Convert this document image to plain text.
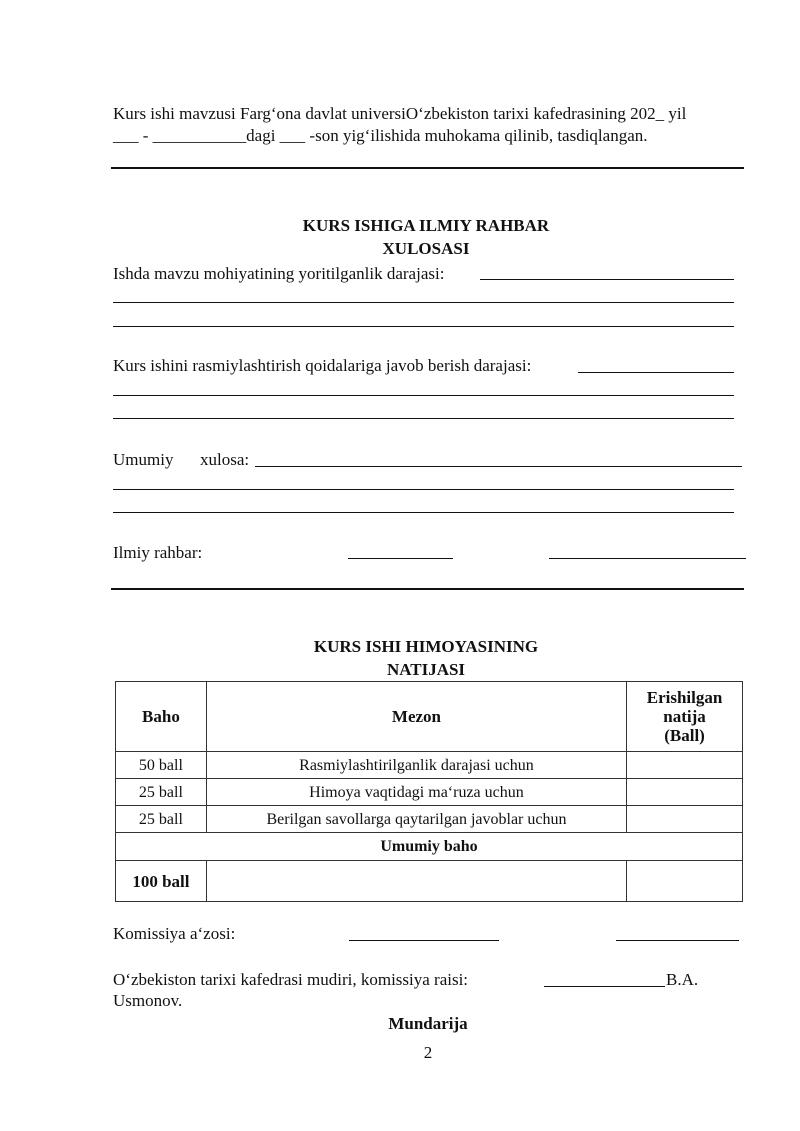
Kurs ishi mavzusi Farg‘ona davlat universiO‘zbekiston tarixi kafedrasining 202_ yil
___ - ___________dagi ___ -son yig‘ilishida muhokama qilinib, tasdiqlangan.
KURS ISHIGA ILMIY RAHBAR
XULOSASI
Ishda mavzu mohiyatining yoritilganlik darajasi:
Kurs ishini rasmiylashtirish qoidalariga javob berish darajasi:
Umumiy xulosa:
Ilmiy rahbar:
KURS ISHI HIMOYASINING
NATIJASI
Baho	Mezon	Erishilgan
natija
(Ball)

50 ball	Rasmiylashtirilganlik darajasi uchun	
25 ball	Himoya vaqtidagi ma‘ruza uchun	
25 ball	Berilgan savollarga qaytarilgan javoblar uchun	
Umumiy baho		
100 ball		
Komissiya a‘zosi:
O‘zbekiston tarixi kafedrasi mudiri, komissiya raisi:	B.A.
Usmonov.
Mundarija
2
